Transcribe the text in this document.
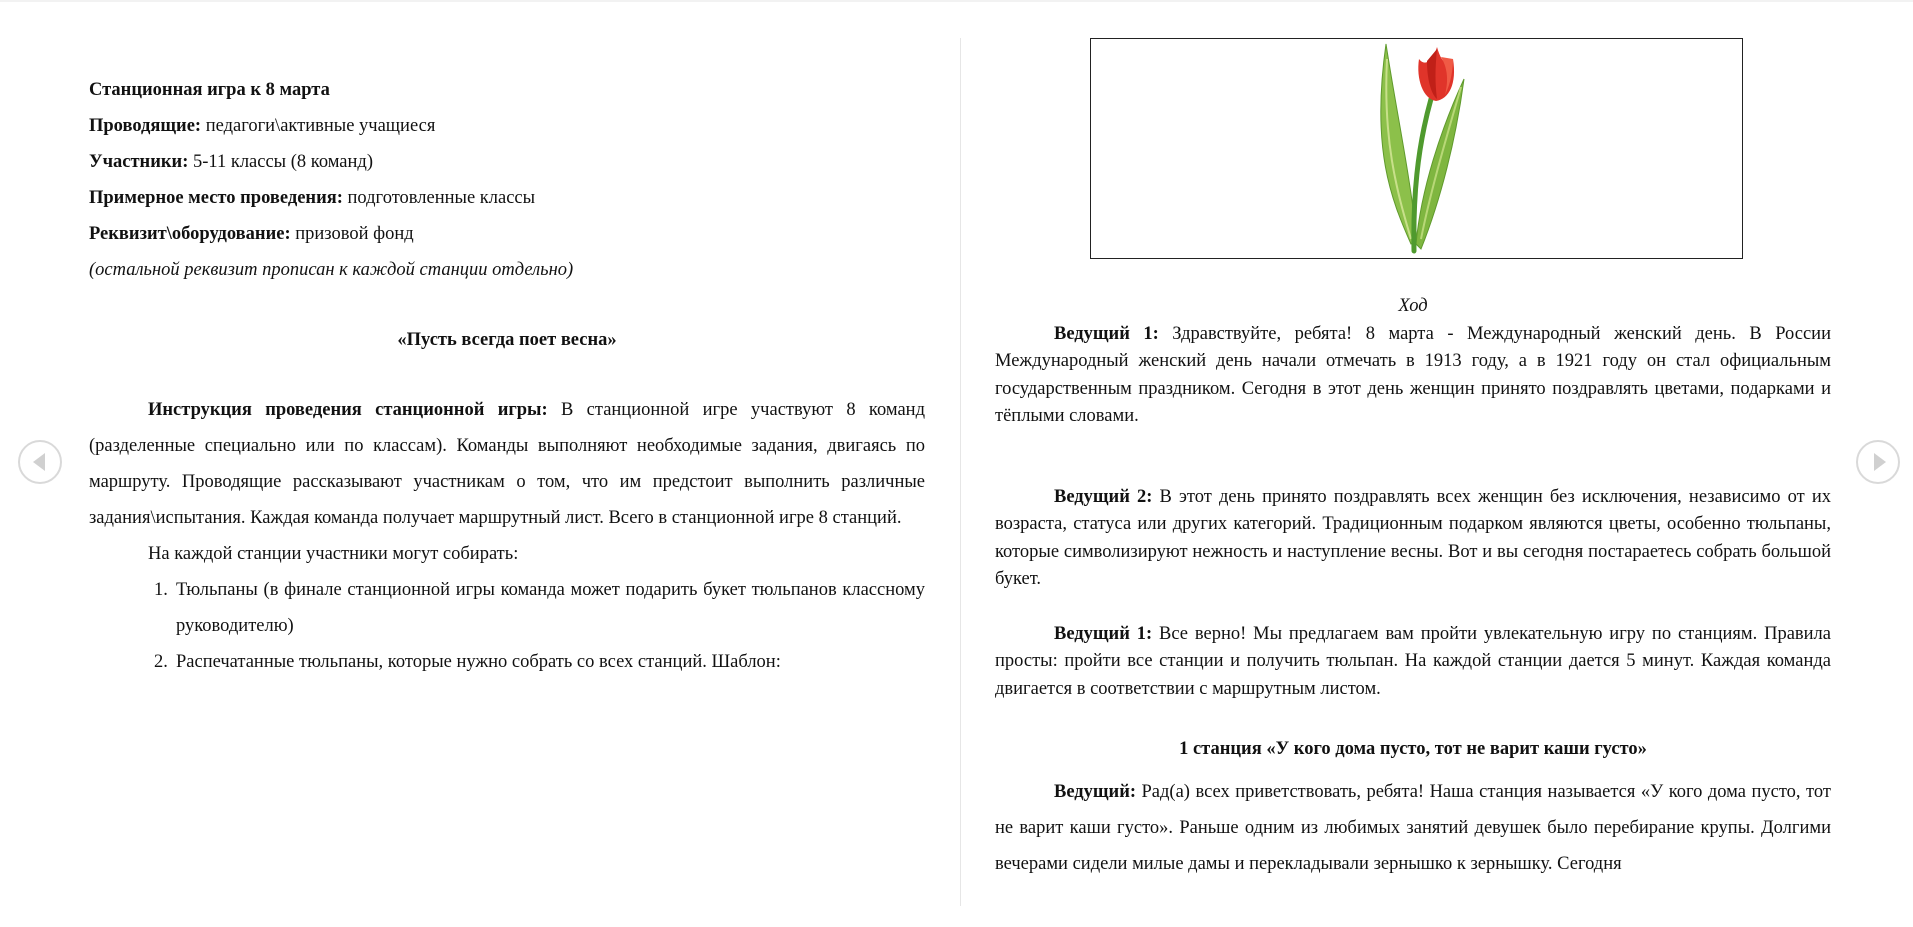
Станционная игра к 8 марта

Проводящие: педагоги\активные учащиеся

Участники: 5-11 классы (8 команд)

Примерное место проведения: подготовленные классы

Реквизит\оборудование: призовой фонд

(остальной реквизит прописан к каждой станции отдельно)

«Пусть всегда поет весна»

Инструкция проведения станционной игры: В станционной игре участвуют 8 команд (разделенные специально или по классам). Команды выполняют необходимые задания, двигаясь по маршруту. Проводящие рассказывают участникам о том, что им предстоит выполнить различные задания\испытания. Каждая команда получает маршрутный лист. Всего в станционной игре 8 станций.

На каждой станции участники могут собирать:

1. Тюльпаны (в финале станционной игры команда может подарить букет тюльпанов классному руководителю)
2. Распечатанные тюльпаны, которые нужно собрать со всех станций. Шаблон:

Ход

Ведущий 1: Здравствуйте, ребята! 8 марта - Международный женский день. В России Международный женский день начали отмечать в 1913 году, а в 1921 году он стал официальным государственным праздником. Сегодня в этот день женщин принято поздравлять цветами, подарками и тёплыми словами.

Ведущий 2: В этот день принято поздравлять всех женщин без исключения, независимо от их возраста, статуса или других категорий. Традиционным подарком являются цветы, особенно тюльпаны, которые символизируют нежность и наступление весны. Вот и вы сегодня постараетесь собрать большой букет.

Ведущий 1: Все верно! Мы предлагаем вам пройти увлекательную игру по станциям. Правила просты: пройти все станции и получить тюльпан. На каждой станции дается 5 минут. Каждая команда двигается в соответствии с маршрутным листом.

1 станция «У кого дома пусто, тот не варит каши густо»

Ведущий: Рад(а) всех приветствовать, ребята! Наша станция называется «У кого дома пусто, тот не варит каши густо». Раньше одним из любимых занятий девушек было перебирание крупы. Долгими вечерами сидели милые дамы и перекладывали зернышко к зернышку. Сегодня
